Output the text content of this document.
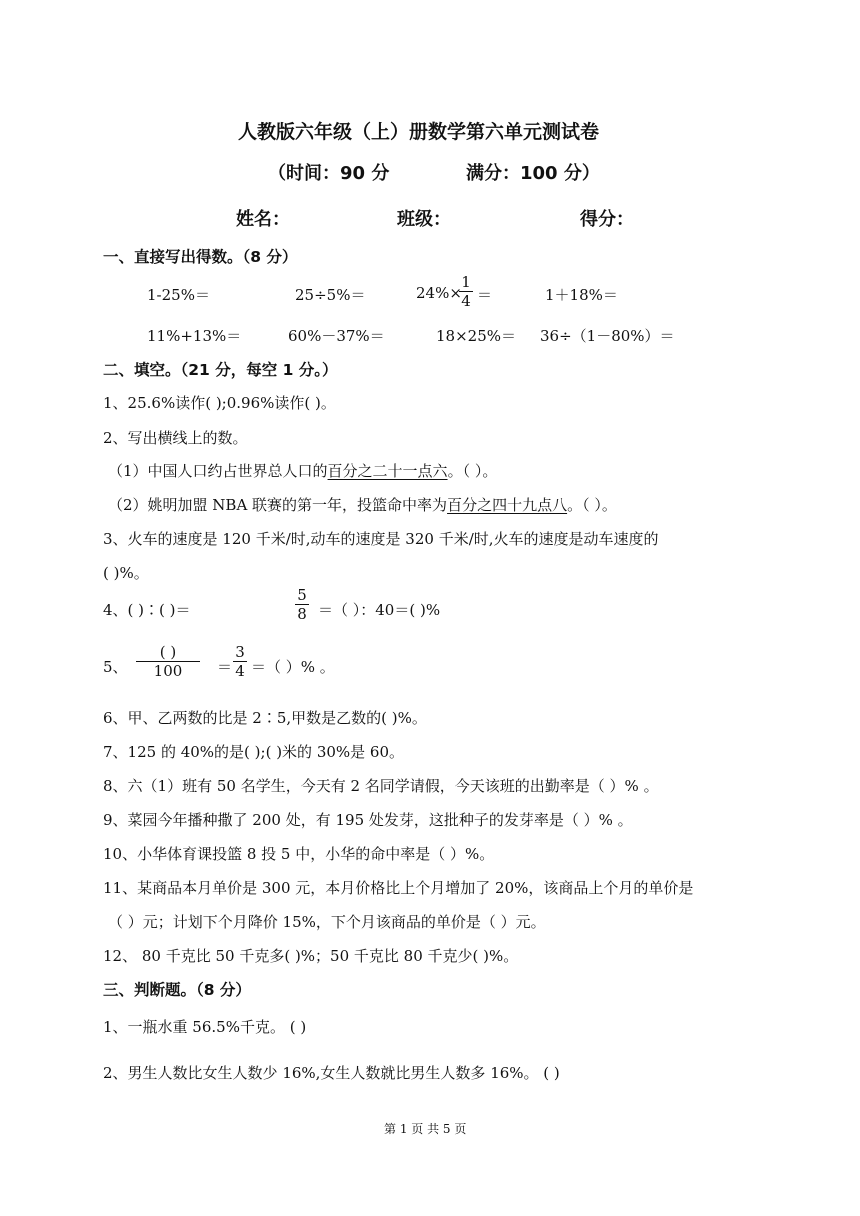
人教版六年级（上）册数学第六单元测试卷
（时间：90 分	满分：100 分）
姓名：	班级：	得分：
一、直接写出得数。（8 分）
1-25%＝	25÷5%＝	24%×
1
4 ＝	1＋18%＝
11%+13%＝	60%－37%＝	18×25%＝ 36÷（1－80%）＝
二、填空。（21 分，每空 1 分。）
1、25.6%读作( );0.96%读作( )。
2、写出横线上的数。
（1）中国人口约占世界总人口的百分之二十一点六。（ ）。
（2）姚明加盟 NBA 联赛的第一年，投篮命中率为百分之四十九点八。（ ）。
3、火车的速度是 120 千米/时,动车的速度是 320 千米/时,火车的速度是动车速度的
( )%。
4、( )∶( )＝
5
8 ＝（ ）：40＝( )%
5、
( )
100	＝
3
4 ＝（ ）% 。
6、甲、乙两数的比是 2∶5,甲数是乙数的( )%。
7、125 的 40%的是( );( )米的 30%是 60。
8、六（1）班有 50 名学生，今天有 2 名同学请假，今天该班的出勤率是（ ）% 。
9、菜园今年播种撒了 200 处，有 195 处发芽，这批种子的发芽率是（ ）% 。
10、小华体育课投篮 8 投 5 中，小华的命中率是（ ）%。
11、某商品本月单价是 300 元，本月价格比上个月增加了 20%，该商品上个月的单价是
（ ）元；计划下个月降价 15%，下个月该商品的单价是（ ）元。
12、 80 千克比 50 千克多( )%；50 千克比 80 千克少( )%。
三、判断题。（8 分）
1、一瓶水重 56.5%千克。 ( )
2、男生人数比女生人数少 16%,女生人数就比男生人数多 16%。 ( )
第 1 页 共 5 页
